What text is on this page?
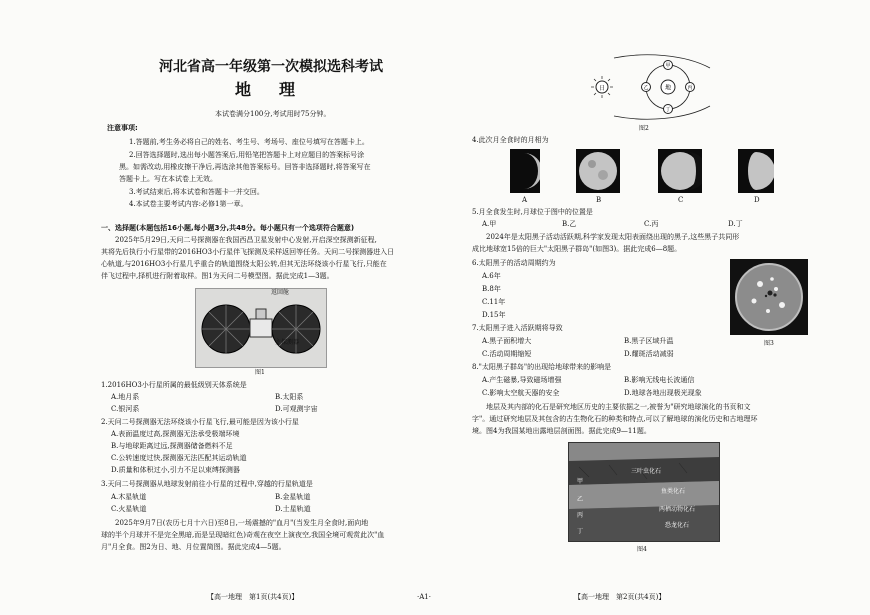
河北省高一年级第一次模拟选科考试
地　理
本试卷满分100分,考试用时75分钟。
注意事项:
1.答题前,考生务必将自己的姓名、考生号、考场号、座位号填写在答题卡上。
2.回答选择题时,选出每小题答案后,用铅笔把答题卡上对应题目的答案标号涂
黑。如需改动,用橡皮擦干净后,再选涂其他答案标号。回答非选择题时,将答案写在
答题卡上。写在本试卷上无效。
3.考试结束后,将本试卷和答题卡一并交回。
4.本试卷主要考试内容:必修1第一章。
一、选择题(本题包括16小题,每小题3分,共48分。每小题只有一个选项符合题意)
2025年5月29日,天问二号探测器在我国西昌卫星发射中心发射,开启深空探测新征程,
其将先后执行小行星带的2016HO3小行星伴飞探测及采样返回等任务。天问二号探测器进入日
心轨道,与2016HO3小行星几乎重合的轨道围绕太阳公转,但其无法环绕该小行星飞行,只能在
伴飞过程中,择机进行附着取样。图1为天问二号模型图。据此完成1—3题。
返回舱
主探测器
图1
1.2016HO3小行星所属的最低级别天体系统是
A.地月系	B.太阳系
C.银河系	D.可观测宇宙
2.天问二号探测器无法环绕该小行星飞行,最可能是因为该小行星
A.表面温度过高,探测器无法承受极端环境
B.与地球距离过远,探测器储备燃料不足
C.公转速度过快,探测器无法匹配其运动轨道
D.质量和体积过小,引力不足以束缚探测器
3.天问二号探测器从地球发射前往小行星的过程中,穿越的行星轨道是
A.木星轨道	B.金星轨道
C.火星轨道	D.土星轨道
2025年9月7日(农历七月十六日)至8日,一场震撼的"血月"(当发生月全食时,面向地
球的半个月球并不是完全黑暗,而是呈现暗红色)奇观在夜空上演夜空,我国全境可观赏此次"血
月"月全食。图2为日、地、月位置简图。据此完成4—5题。
【高一地理　第1页(共4页)】	·A1·
日	地
甲
乙	丙
丁
图2
4.此次月全食时的月相为
A	B	C	D
5.月全食发生时,月球位于图中的位置是
A.甲	B.乙	C.丙	D.丁
2024年是太阳黑子活动活跃期,科学家发现太阳表面绕出现的黑子,这些黑子共同形
成比地球宽15倍的巨大"太阳黑子群岛"(如图3)。据此完成6—8题。
6.太阳黑子的活动周期约为
A.6年
B.8年
C.11年
D.15年
图3
7.太阳黑子进入活跃期将导致
A.黑子面积增大	B.黑子区域升温
C.活动周期缩短	D.耀斑活动减弱
8."太阳黑子群岛"的出现给地球带来的影响是
A.产生磁暴,导致磁场增强	B.影响无线电长波通信
C.影响太空航天器的安全	D.地球各地出现极光现象
地层及其内部的化石是研究地区历史的主要依据之一,被誉为"研究地球演化的书页和文
字"。通过研究地层及其包含的古生物化石的种类和特点,可以了解地球的演化历史和古地理环
境。图4为我国某地出露地层剖面图。据此完成9—11题。
甲
乙
丙
丁
三叶虫化石
鱼类化石
两栖动物化石
恐龙化石
图4
【高一地理　第2页(共4页)】
